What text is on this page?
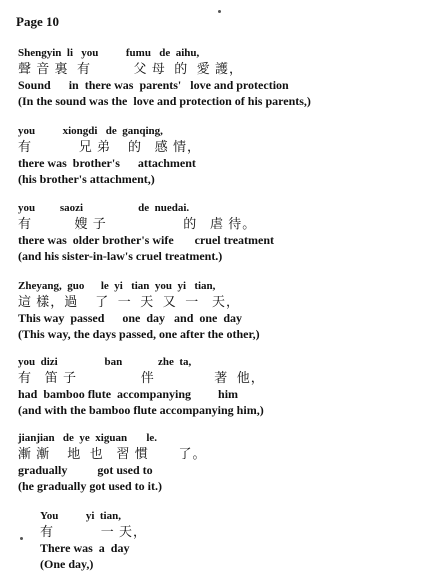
Page 10
Shengyin  li   you          fumu   de  aihu,
聲 音 裏  有          父 母  的  愛 護，
Sound      in  there was  parents'   love and protection
(In the sound was the  love and protection of his parents,)
you          xiongdi   de  ganqing,
有           兄 弟    的   感 情，
there was  brother's      attachment
(his brother's attachment,)
you         saozi                    de  nuedai.
有          嫂 子                  的   虐 待。
there was  older brother's wife       cruel treatment
(and his sister-in-law's cruel treatment.)
Zheyang,  guo      le  yi   tian  you  yi   tian,
這 樣，過    了  一  天  又  一   天，
This way  passed      one  day   and  one  day
(This way, the days passed, one after the other,)
you  dizi                 ban             zhe  ta,
有   笛 子               伴              著  他，
had  bamboo flute  accompanying         him
(and with the bamboo flute accompanying him,)
jianjian   de  ye  xiguan       le.
漸 漸    地  也   習 慣       了。
gradually          got used to
(he gradually got used to it.)
You          yi  tian,
有           一 天，
There was  a  day
(One day,)
